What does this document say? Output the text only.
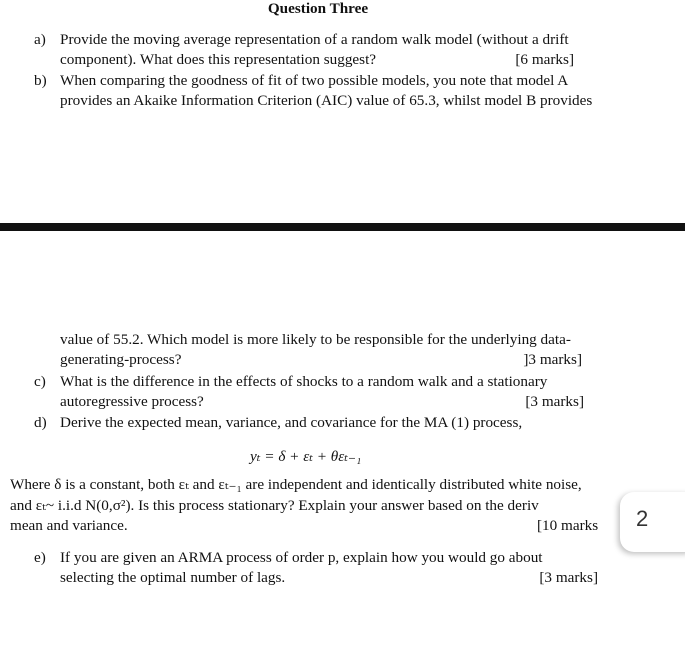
Question Three
a) Provide the moving average representation of a random walk model (without a drift
component). What does this representation suggest?	[6 marks]
b) When comparing the goodness of fit of two possible models, you note that model A
provides an Akaike Information Criterion (AIC) value of 65.3, whilst model B provides
value of 55.2. Which model is more likely to be responsible for the underlying data-
generating-process?	]3 marks]
c) What is the difference in the effects of shocks to a random walk and a stationary
autoregressive process?	[3 marks]
d) Derive the expected mean, variance, and covariance for the MA (1) process,
yₜ = δ + εₜ + θεₜ₋₁
Where δ is a constant, both εₜ and εₜ₋₁ are independent and identically distributed white noise,
and εₜ~ i.i.d N(0,σ²). Is this process stationary? Explain your answer based on the deriv
mean and variance.	[10 marks
e) If you are given an ARMA process of order p, explain how you would go about
selecting the optimal number of lags.	[3 marks]
2
